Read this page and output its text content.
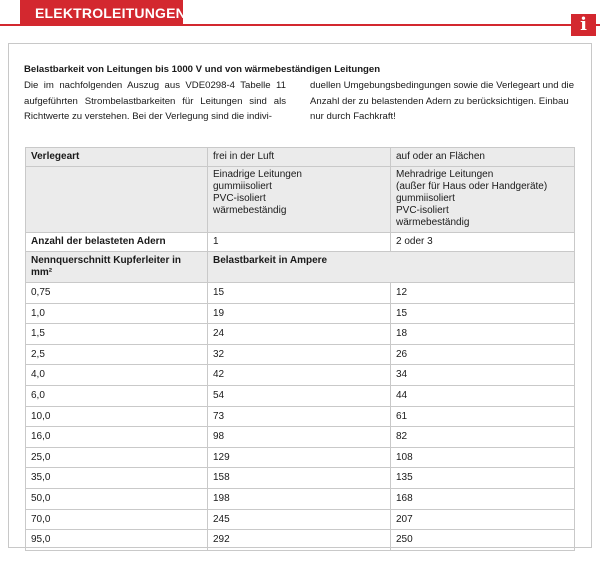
ELEKTROLEITUNGEN
i
Belastbarkeit von Leitungen bis 1000 V und von wärmebeständigen Leitungen
Die im nachfolgenden Auszug aus VDE0298-4 Tabelle 11 aufgeführten Strombelastbarkeiten für Leitungen sind als Richtwerte zu verstehen. Bei der Verlegung sind die indivi-
duellen Umgebungsbedingungen sowie die Verlegeart und die Anzahl der zu belastenden Adern zu berücksichtigen. Einbau nur durch Fachkraft!
Verlegeart	frei in der Luft	auf oder an Flächen
	Einadrige Leitungen
gummiisoliert
PVC-isoliert
wärmebeständig	Mehradrige Leitungen
(außer für Haus oder Handgeräte)
gummiisoliert
PVC-isoliert
wärmebeständig
Anzahl der belasteten Adern	1	2 oder 3
Nennquerschnitt Kupferleiter in mm²	Belastbarkeit in Ampere	
0,75	15	12
1,0	19	15
1,5	24	18
2,5	32	26
4,0	42	34
6,0	54	44
10,0	73	61
16,0	98	82
25,0	129	108
35,0	158	135
50,0	198	168
70,0	245	207
95,0	292	250
